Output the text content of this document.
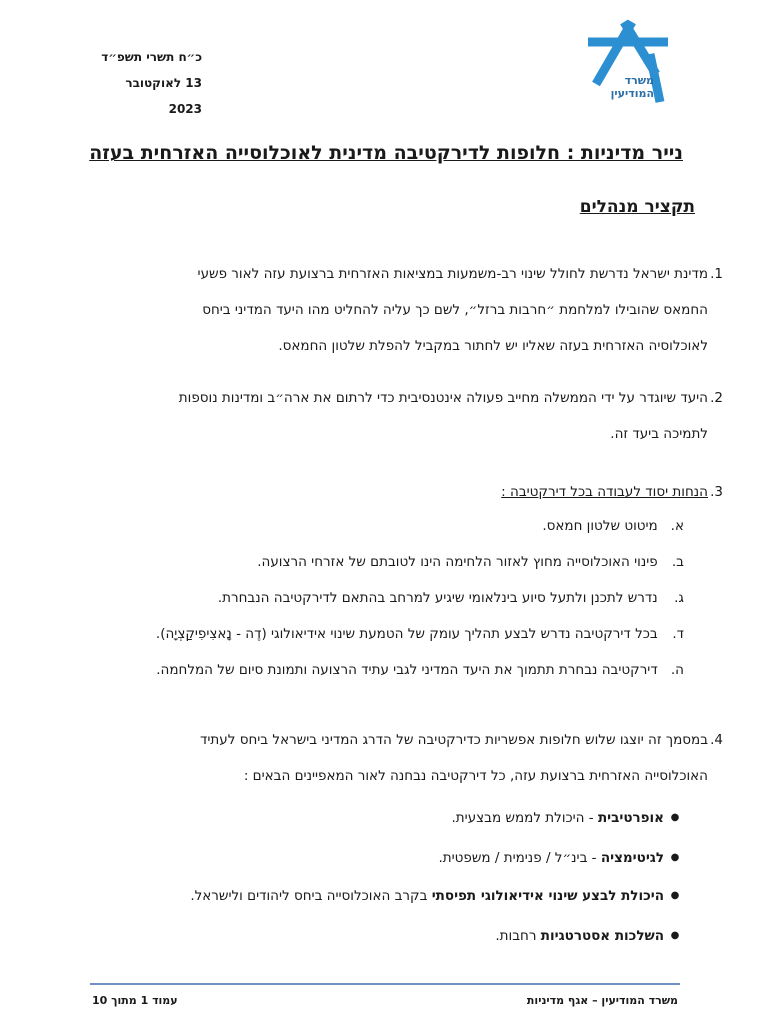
כ״ח תשרי תשפ״ד
13 לאוקטובר 2023
משרד המודיעין
נייר מדיניות : חלופות לדירקטיבה מדינית לאוכלוסייה האזרחית בעזה
תקציר מנהלים
1.
מדינת ישראל נדרשת לחולל שינוי רב-משמעות במציאות האזרחית ברצועת עזה לאור פשעי
החמאס שהובילו למלחמת ״חרבות ברזל״, לשם כך עליה להחליט מהו היעד המדיני ביחס
לאוכלוסיה האזרחית בעזה שאליו יש לחתור במקביל להפלת שלטון החמאס.
2.
היעד שיוגדר על ידי הממשלה מחייב פעולה אינטנסיבית כדי לרתום את ארה״ב ומדינות נוספות
לתמיכה ביעד זה.
3.
הנחות יסוד לעבודה בכל דירקטיבה :
א. מיטוט שלטון חמאס.
ב. פינוי האוכלוסייה מחוץ לאזור הלחימה הינו לטובתם של אזרחי הרצועה.
ג. נדרש לתכנן ולתעל סיוע בינלאומי שיגיע למרחב בהתאם לדירקטיבה הנבחרת.
ד. בכל דירקטיבה נדרש לבצע תהליך עומק של הטמעת שינוי אידיאולוגי (דֶה - נָאצִיפִיקַצְיָה).
ה. דירקטיבה נבחרת תתמוך את היעד המדיני לגבי עתיד הרצועה ותמונת סיום של המלחמה.
4.
במסמך זה יוצגו שלוש חלופות אפשריות כדירקטיבה של הדרג המדיני בישראל ביחס לעתיד
האוכלוסייה האזרחית ברצועת עזה, כל דירקטיבה נבחנה לאור המאפיינים הבאים :
●אופרטיבית - היכולת לממש מבצעית.
●לגיטימציה - בינ״ל / פנימית / משפטית.
●היכולת לבצע שינוי אידיאולוגי תפיסתי בקרב האוכלוסייה ביחס ליהודים ולישראל.
●השלכות אסטרטגיות רחבות.
עמוד 1 מתוך 10	משרד המודיעין – אגף מדיניות
